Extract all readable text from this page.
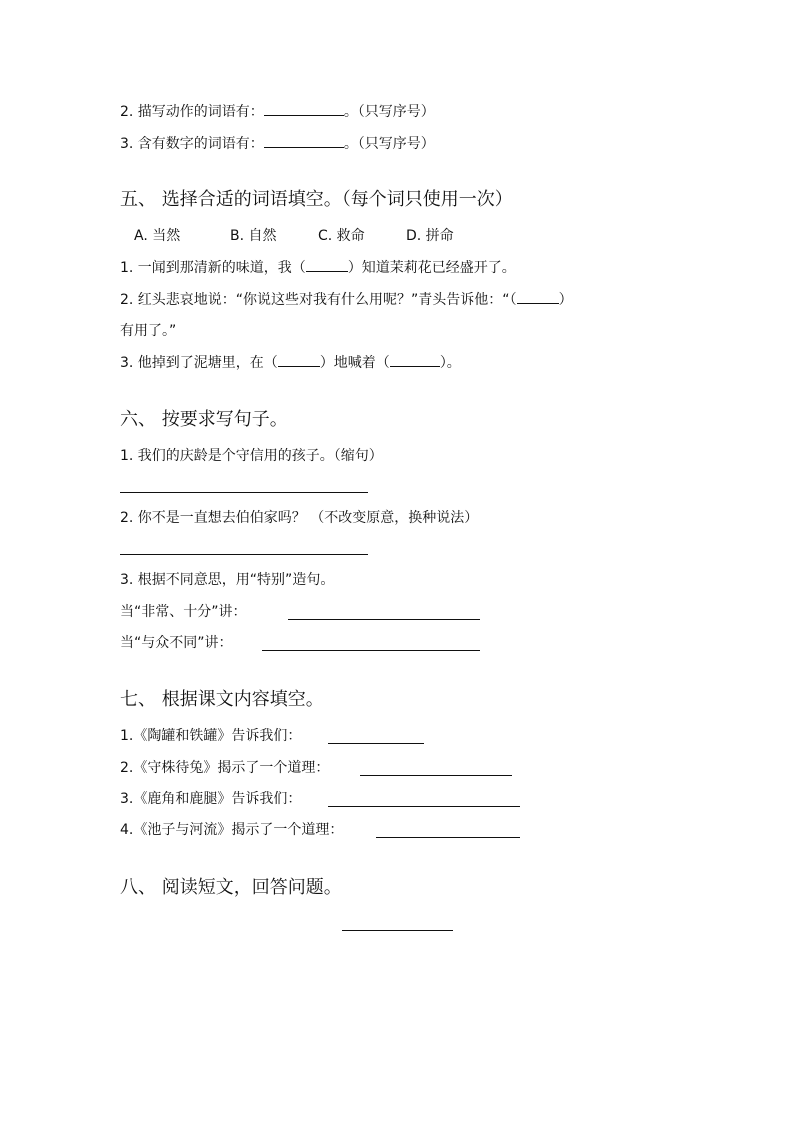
2. 描写动作的词语有：	。（只写序号）
3. 含有数字的词语有：	。（只写序号）
五、 选择合适的词语填空。（每个词只使用一次）
A. 当然	B. 自然	C. 救命	D. 拼命
1. 一闻到那清新的味道，我（	）知道茉莉花已经盛开了。
2. 红头悲哀地说：“你说这些对我有什么用呢？”青头告诉他：“（	）
有用了。”
3. 他掉到了泥塘里，在（	）地喊着（	）。
六、 按要求写句子。
1. 我们的庆龄是个守信用的孩子。（缩句）
2. 你不是一直想去伯伯家吗？ （不改变原意，换种说法）
3. 根据不同意思，用“特别”造句。
当“非常、十分”讲：
当“与众不同”讲：
七、 根据课文内容填空。
1.《陶罐和铁罐》告诉我们：
2.《守株待兔》揭示了一个道理：
3.《鹿角和鹿腿》告诉我们：
4.《池子与河流》揭示了一个道理：
八、 阅读短文，回答问题。
